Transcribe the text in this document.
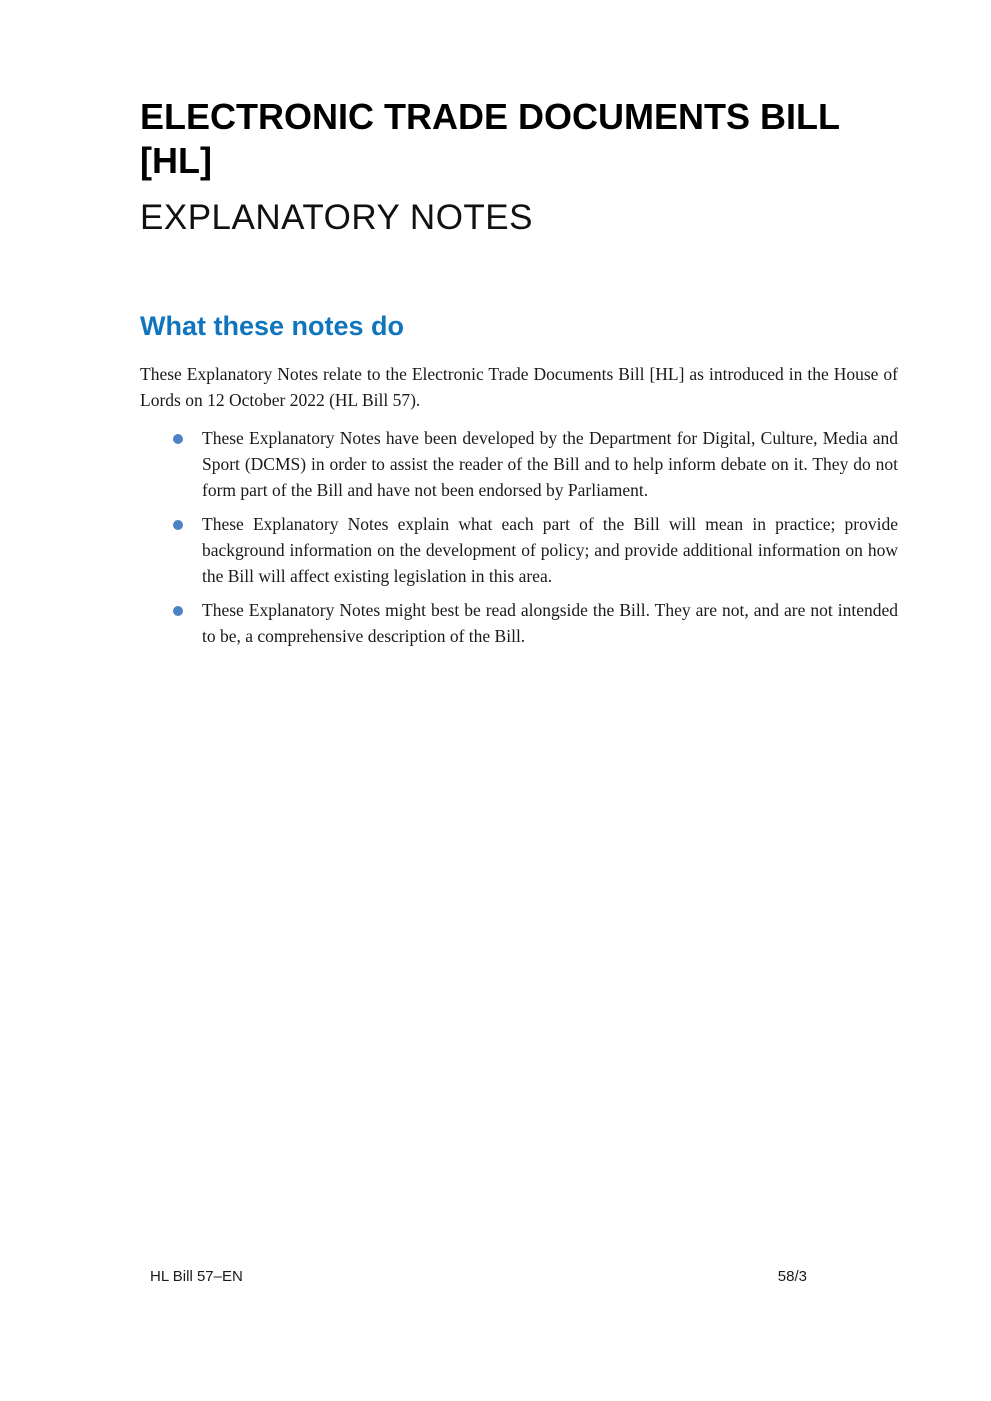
ELECTRONIC TRADE DOCUMENTS BILL [HL]
EXPLANATORY NOTES
What these notes do

These Explanatory Notes relate to the Electronic Trade Documents Bill [HL] as introduced in the House of Lords on 12 October 2022 (HL Bill 57).

These Explanatory Notes have been developed by the Department for Digital, Culture, Media and Sport (DCMS) in order to assist the reader of the Bill and to help inform debate on it. They do not form part of the Bill and have not been endorsed by Parliament.
These Explanatory Notes explain what each part of the Bill will mean in practice; provide background information on the development of policy; and provide additional information on how the Bill will affect existing legislation in this area.
These Explanatory Notes might best be read alongside the Bill. They are not, and are not intended to be, a comprehensive description of the Bill.
HL Bill 57–EN	58/3
